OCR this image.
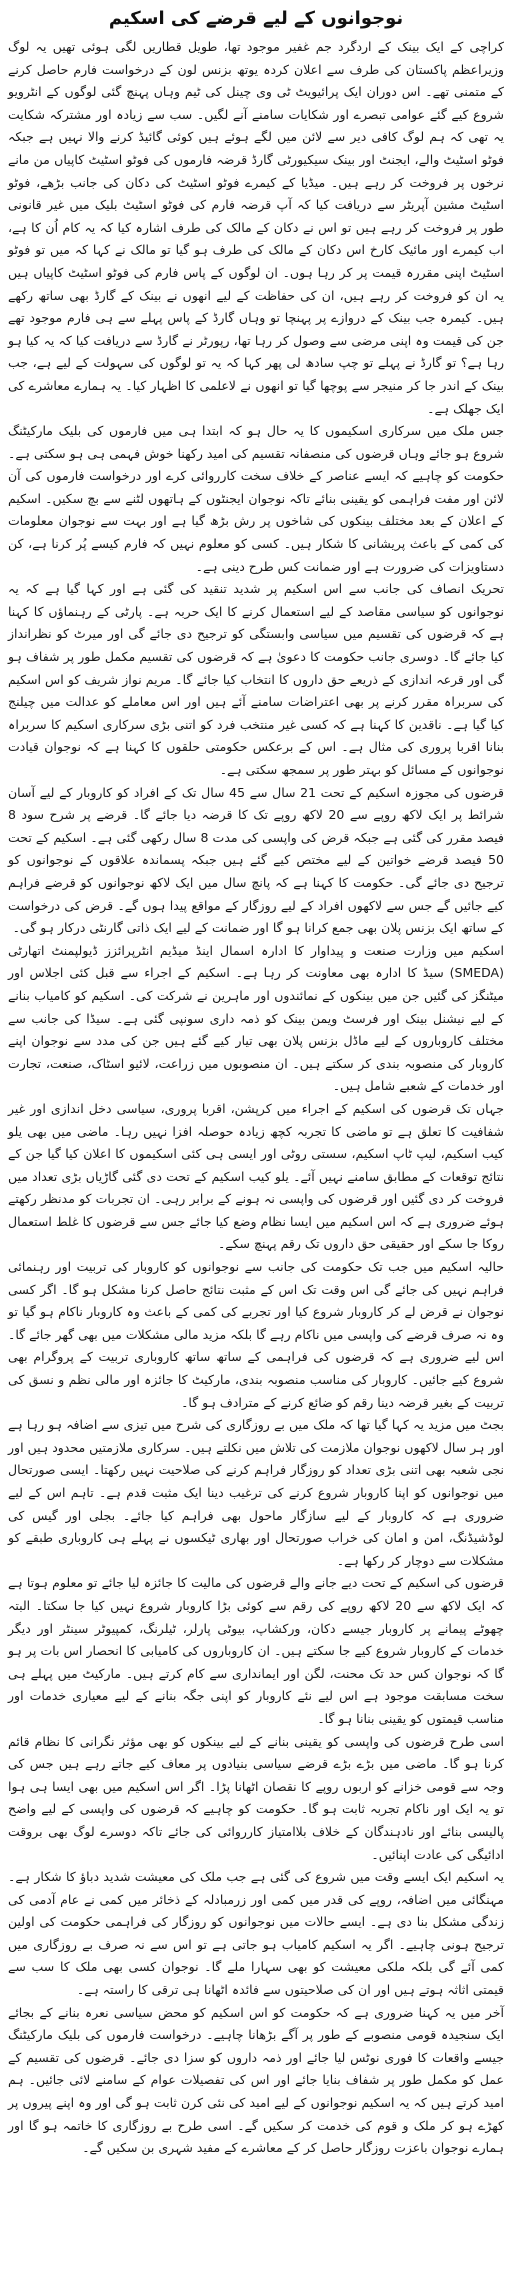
نوجوانوں کے لیے قرضے کی اسکیم

کراچی کے ایک بینک کے اردگرد جم غفیر موجود تھا، طویل قطاریں لگی ہوئی تھیں یہ لوگ وزیراعظم پاکستان کی طرف سے اعلان کردہ یوتھ بزنس لون کے درخواست فارم حاصل کرنے کے متمنی تھے۔ اس دوران ایک پرائیویٹ ٹی وی چینل کی ٹیم وہاں پہنچ گئی لوگوں کے انٹرویو شروع کیے گئے عوامی تبصرے اور شکایات سامنے آنے لگیں۔ سب سے زیادہ اور مشترکہ شکایت یہ تھی کہ ہم لوگ کافی دیر سے لائن میں لگے ہوئے ہیں کوئی گائیڈ کرنے والا نہیں ہے جبکہ فوٹو اسٹیٹ والے، ایجنٹ اور بینک سیکیورٹی گارڈ قرضہ فارموں کی فوٹو اسٹیٹ کاپیاں من مانے نرخوں پر فروخت کر رہے ہیں۔ میڈیا کے کیمرے فوٹو اسٹیٹ کی دکان کی جانب بڑھے، فوٹو اسٹیٹ مشین آپریٹر سے دریافت کیا کہ آپ قرضہ فارم کی فوٹو اسٹیٹ بلیک میں غیر قانونی طور پر فروخت کر رہے ہیں تو اس نے دکان کے مالک کی طرف اشارہ کیا کہ یہ کام اُن کا ہے، اب کیمرے اور مائیک کارخ اس دکان کے مالک کی طرف ہو گیا تو مالک نے کہا کہ میں تو فوٹو اسٹیٹ اپنی مقررہ قیمت پر کر رہا ہوں۔ ان لوگوں کے پاس فارم کی فوٹو اسٹیٹ کاپیاں ہیں یہ ان کو فروخت کر رہے ہیں، ان کی حفاظت کے لیے انھوں نے بینک کے گارڈ بھی ساتھ رکھے ہیں۔ کیمرہ جب بینک کے دروازے پر پہنچا تو وہاں گارڈ کے پاس پہلے سے ہی فارم موجود تھے جن کی قیمت وہ اپنی مرضی سے وصول کر رہا تھا، رپورٹر نے گارڈ سے دریافت کیا کہ یہ کیا ہو رہا ہے؟ تو گارڈ نے پہلے تو چپ سادھ لی پھر کہا کہ یہ تو لوگوں کی سہولت کے لیے ہے، جب بینک کے اندر جا کر منیجر سے پوچھا گیا تو انھوں نے لاعلمی کا اظہار کیا۔ یہ ہمارے معاشرے کی ایک جھلک ہے۔

جس ملک میں سرکاری اسکیموں کا یہ حال ہو کہ ابتدا ہی میں فارموں کی بلیک مارکیٹنگ شروع ہو جائے وہاں قرضوں کی منصفانہ تقسیم کی امید رکھنا خوش فہمی ہی ہو سکتی ہے۔ حکومت کو چاہیے کہ ایسے عناصر کے خلاف سخت کارروائی کرے اور درخواست فارموں کی آن لائن اور مفت فراہمی کو یقینی بنائے تاکہ نوجوان ایجنٹوں کے ہاتھوں لٹنے سے بچ سکیں۔ اسکیم کے اعلان کے بعد مختلف بینکوں کی شاخوں پر رش بڑھ گیا ہے اور بہت سے نوجوان معلومات کی کمی کے باعث پریشانی کا شکار ہیں۔ کسی کو معلوم نہیں کہ فارم کیسے پُر کرنا ہے، کن دستاویزات کی ضرورت ہے اور ضمانت کس طرح دینی ہے۔

تحریک انصاف کی جانب سے اس اسکیم پر شدید تنقید کی گئی ہے اور کہا گیا ہے کہ یہ نوجوانوں کو سیاسی مقاصد کے لیے استعمال کرنے کا ایک حربہ ہے۔ پارٹی کے رہنماؤں کا کہنا ہے کہ قرضوں کی تقسیم میں سیاسی وابستگی کو ترجیح دی جائے گی اور میرٹ کو نظرانداز کیا جائے گا۔ دوسری جانب حکومت کا دعویٰ ہے کہ قرضوں کی تقسیم مکمل طور پر شفاف ہو گی اور قرعہ اندازی کے ذریعے حق داروں کا انتخاب کیا جائے گا۔ مریم نواز شریف کو اس اسکیم کی سربراہ مقرر کرنے پر بھی اعتراضات سامنے آئے ہیں اور اس معاملے کو عدالت میں چیلنج کیا گیا ہے۔ ناقدین کا کہنا ہے کہ کسی غیر منتخب فرد کو اتنی بڑی سرکاری اسکیم کا سربراہ بنانا اقربا پروری کی مثال ہے۔ اس کے برعکس حکومتی حلقوں کا کہنا ہے کہ نوجوان قیادت نوجوانوں کے مسائل کو بہتر طور پر سمجھ سکتی ہے۔

قرضوں کی مجوزہ اسکیم کے تحت 21 سال سے 45 سال تک کے افراد کو کاروبار کے لیے آسان شرائط پر ایک لاکھ روپے سے 20 لاکھ روپے تک کا قرضہ دیا جائے گا۔ قرضے پر شرح سود 8 فیصد مقرر کی گئی ہے جبکہ قرض کی واپسی کی مدت 8 سال رکھی گئی ہے۔ اسکیم کے تحت 50 فیصد قرضے خواتین کے لیے مختص کیے گئے ہیں جبکہ پسماندہ علاقوں کے نوجوانوں کو ترجیح دی جائے گی۔ حکومت کا کہنا ہے کہ پانچ سال میں ایک لاکھ نوجوانوں کو قرضے فراہم کیے جائیں گے جس سے لاکھوں افراد کے لیے روزگار کے مواقع پیدا ہوں گے۔ قرض کی درخواست کے ساتھ ایک بزنس پلان بھی جمع کرانا ہو گا اور ضمانت کے لیے ایک ذاتی گارنٹی درکار ہو گی۔

اسکیم میں وزارت صنعت و پیداوار کا ادارہ اسمال اینڈ میڈیم انٹرپرائزز ڈیولپمنٹ اتھارٹی (SMEDA) سیڈ کا ادارہ بھی معاونت کر رہا ہے۔ اسکیم کے اجراء سے قبل کئی اجلاس اور میٹنگز کی گئیں جن میں بینکوں کے نمائندوں اور ماہرین نے شرکت کی۔ اسکیم کو کامیاب بنانے کے لیے نیشنل بینک اور فرسٹ ویمن بینک کو ذمہ داری سونپی گئی ہے۔ سیڈا کی جانب سے مختلف کاروباروں کے لیے ماڈل بزنس پلان بھی تیار کیے گئے ہیں جن کی مدد سے نوجوان اپنے کاروبار کی منصوبہ بندی کر سکتے ہیں۔ ان منصوبوں میں زراعت، لائیو اسٹاک، صنعت، تجارت اور خدمات کے شعبے شامل ہیں۔

جہاں تک قرضوں کی اسکیم کے اجراء میں کرپشن، اقربا پروری، سیاسی دخل اندازی اور غیر شفافیت کا تعلق ہے تو ماضی کا تجربہ کچھ زیادہ حوصلہ افزا نہیں رہا۔ ماضی میں بھی یلو کیب اسکیم، لیپ ٹاپ اسکیم، سستی روٹی اور ایسی ہی کئی اسکیموں کا اعلان کیا گیا جن کے نتائج توقعات کے مطابق سامنے نہیں آئے۔ یلو کیب اسکیم کے تحت دی گئی گاڑیاں بڑی تعداد میں فروخت کر دی گئیں اور قرضوں کی واپسی نہ ہونے کے برابر رہی۔ ان تجربات کو مدنظر رکھتے ہوئے ضروری ہے کہ اس اسکیم میں ایسا نظام وضع کیا جائے جس سے قرضوں کا غلط استعمال روکا جا سکے اور حقیقی حق داروں تک رقم پہنچ سکے۔

حالیہ اسکیم میں جب تک حکومت کی جانب سے نوجوانوں کو کاروبار کی تربیت اور رہنمائی فراہم نہیں کی جائے گی اس وقت تک اس کے مثبت نتائج حاصل کرنا مشکل ہو گا۔ اگر کسی نوجوان نے قرض لے کر کاروبار شروع کیا اور تجربے کی کمی کے باعث وہ کاروبار ناکام ہو گیا تو وہ نہ صرف قرضے کی واپسی میں ناکام رہے گا بلکہ مزید مالی مشکلات میں بھی گھر جائے گا۔ اس لیے ضروری ہے کہ قرضوں کی فراہمی کے ساتھ ساتھ کاروباری تربیت کے پروگرام بھی شروع کیے جائیں۔ کاروبار کی مناسب منصوبہ بندی، مارکیٹ کا جائزہ اور مالی نظم و نسق کی تربیت کے بغیر قرضہ دینا رقم کو ضائع کرنے کے مترادف ہو گا۔

بجٹ میں مزید یہ کہا گیا تھا کہ ملک میں بے روزگاری کی شرح میں تیزی سے اضافہ ہو رہا ہے اور ہر سال لاکھوں نوجوان ملازمت کی تلاش میں نکلتے ہیں۔ سرکاری ملازمتیں محدود ہیں اور نجی شعبہ بھی اتنی بڑی تعداد کو روزگار فراہم کرنے کی صلاحیت نہیں رکھتا۔ ایسی صورتحال میں نوجوانوں کو اپنا کاروبار شروع کرنے کی ترغیب دینا ایک مثبت قدم ہے۔ تاہم اس کے لیے ضروری ہے کہ کاروبار کے لیے سازگار ماحول بھی فراہم کیا جائے۔ بجلی اور گیس کی لوڈشیڈنگ، امن و امان کی خراب صورتحال اور بھاری ٹیکسوں نے پہلے ہی کاروباری طبقے کو مشکلات سے دوچار کر رکھا ہے۔

قرضوں کی اسکیم کے تحت دیے جانے والے قرضوں کی مالیت کا جائزہ لیا جائے تو معلوم ہوتا ہے کہ ایک لاکھ سے 20 لاکھ روپے کی رقم سے کوئی بڑا کاروبار شروع نہیں کیا جا سکتا۔ البتہ چھوٹے پیمانے پر کاروبار جیسے دکان، ورکشاپ، بیوٹی پارلر، ٹیلرنگ، کمپیوٹر سینٹر اور دیگر خدمات کے کاروبار شروع کیے جا سکتے ہیں۔ ان کاروباروں کی کامیابی کا انحصار اس بات پر ہو گا کہ نوجوان کس حد تک محنت، لگن اور ایمانداری سے کام کرتے ہیں۔ مارکیٹ میں پہلے ہی سخت مسابقت موجود ہے اس لیے نئے کاروبار کو اپنی جگہ بنانے کے لیے معیاری خدمات اور مناسب قیمتوں کو یقینی بنانا ہو گا۔

اسی طرح قرضوں کی واپسی کو یقینی بنانے کے لیے بینکوں کو بھی مؤثر نگرانی کا نظام قائم کرنا ہو گا۔ ماضی میں بڑے بڑے قرضے سیاسی بنیادوں پر معاف کیے جاتے رہے ہیں جس کی وجہ سے قومی خزانے کو اربوں روپے کا نقصان اٹھانا پڑا۔ اگر اس اسکیم میں بھی ایسا ہی ہوا تو یہ ایک اور ناکام تجربہ ثابت ہو گا۔ حکومت کو چاہیے کہ قرضوں کی واپسی کے لیے واضح پالیسی بنائے اور نادہندگان کے خلاف بلاامتیاز کارروائی کی جائے تاکہ دوسرے لوگ بھی بروقت ادائیگی کی عادت اپنائیں۔

یہ اسکیم ایک ایسے وقت میں شروع کی گئی ہے جب ملک کی معیشت شدید دباؤ کا شکار ہے۔ مہنگائی میں اضافہ، روپے کی قدر میں کمی اور زرمبادلہ کے ذخائر میں کمی نے عام آدمی کی زندگی مشکل بنا دی ہے۔ ایسے حالات میں نوجوانوں کو روزگار کی فراہمی حکومت کی اولین ترجیح ہونی چاہیے۔ اگر یہ اسکیم کامیاب ہو جاتی ہے تو اس سے نہ صرف بے روزگاری میں کمی آئے گی بلکہ ملکی معیشت کو بھی سہارا ملے گا۔ نوجوان کسی بھی ملک کا سب سے قیمتی اثاثہ ہوتے ہیں اور ان کی صلاحیتوں سے فائدہ اٹھانا ہی ترقی کا راستہ ہے۔

آخر میں یہ کہنا ضروری ہے کہ حکومت کو اس اسکیم کو محض سیاسی نعرہ بنانے کے بجائے ایک سنجیدہ قومی منصوبے کے طور پر آگے بڑھانا چاہیے۔ درخواست فارموں کی بلیک مارکیٹنگ جیسے واقعات کا فوری نوٹس لیا جائے اور ذمہ داروں کو سزا دی جائے۔ قرضوں کی تقسیم کے عمل کو مکمل طور پر شفاف بنایا جائے اور اس کی تفصیلات عوام کے سامنے لائی جائیں۔ ہم امید کرتے ہیں کہ یہ اسکیم نوجوانوں کے لیے امید کی نئی کرن ثابت ہو گی اور وہ اپنے پیروں پر کھڑے ہو کر ملک و قوم کی خدمت کر سکیں گے۔ اسی طرح بے روزگاری کا خاتمہ ہو گا اور ہمارے نوجوان باعزت روزگار حاصل کر کے معاشرے کے مفید شہری بن سکیں گے۔
